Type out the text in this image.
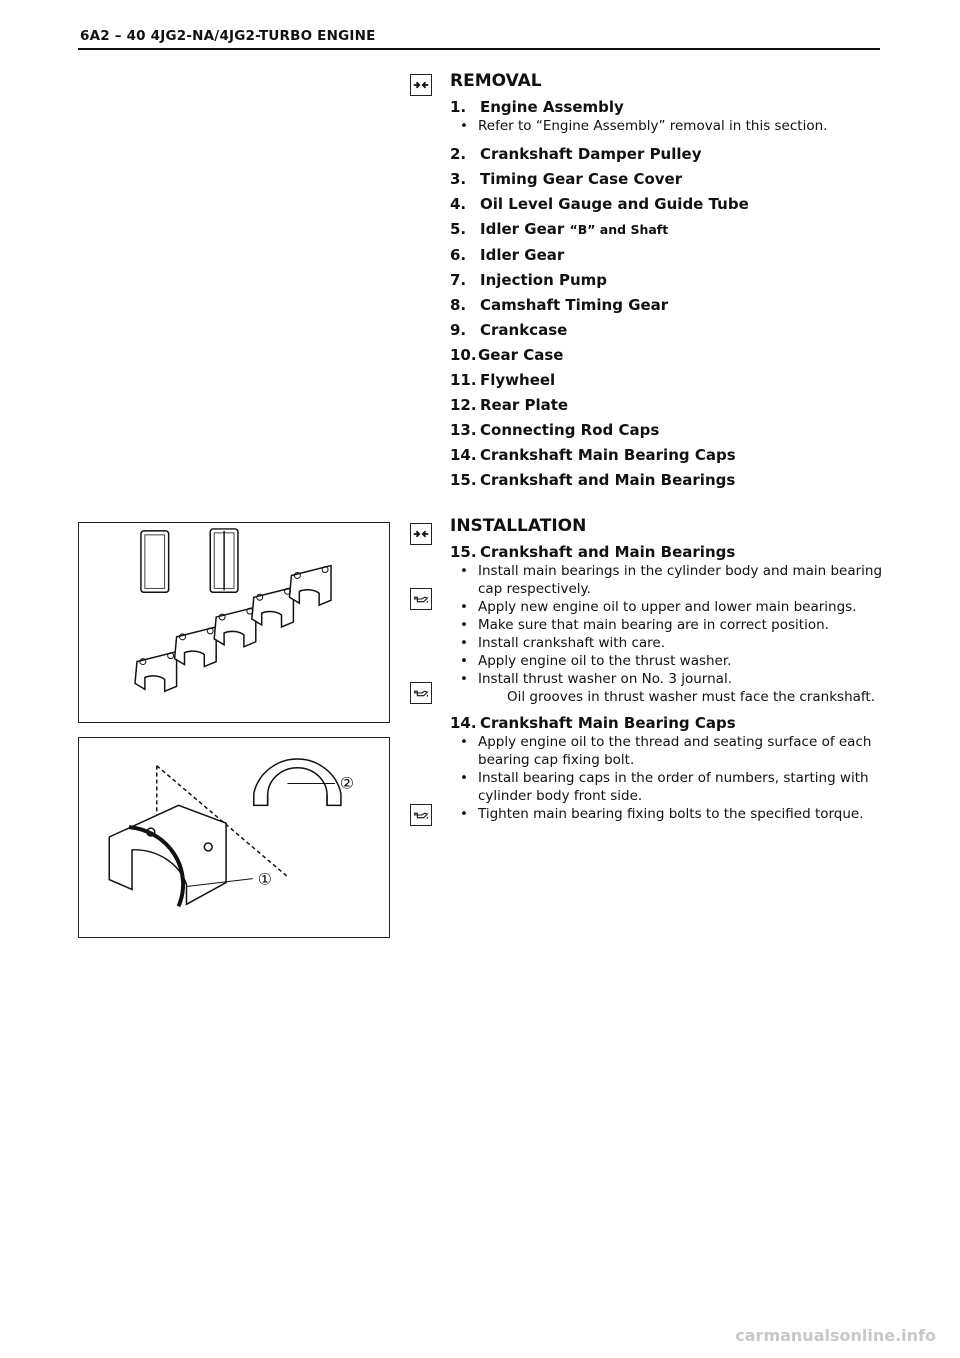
6A2 – 40 4JG2-NA/4JG2-TURBO ENGINE
REMOVAL
1. Engine Assembly
• Refer to “Engine Assembly” removal in this section.
2. Crankshaft Damper Pulley
3. Timing Gear Case Cover
4. Oil Level Gauge and Guide Tube
5. Idler Gear “B” and Shaft
6. Idler Gear
7. Injection Pump
8. Camshaft Timing Gear
9. Crankcase
10. Gear Case
11. Flywheel
12. Rear Plate
13. Connecting Rod Caps
14. Crankshaft Main Bearing Caps
15. Crankshaft and Main Bearings
INSTALLATION
15. Crankshaft and Main Bearings
• Install main bearings in the cylinder body and main bearing cap respectively.
• Apply new engine oil to upper and lower main bearings.
• Make sure that main bearing are in correct position.
• Install crankshaft with care.
• Apply engine oil to the thrust washer.
• Install thrust washer on No. 3 journal.
Oil grooves in thrust washer must face the crankshaft.
14. Crankshaft Main Bearing Caps
• Apply engine oil to the thread and seating surface of each bearing cap fixing bolt.
• Install bearing caps in the order of numbers, starting with cylinder body front side.
• Tighten main bearing fixing bolts to the specified torque.
②
①
carmanualsonline.info
